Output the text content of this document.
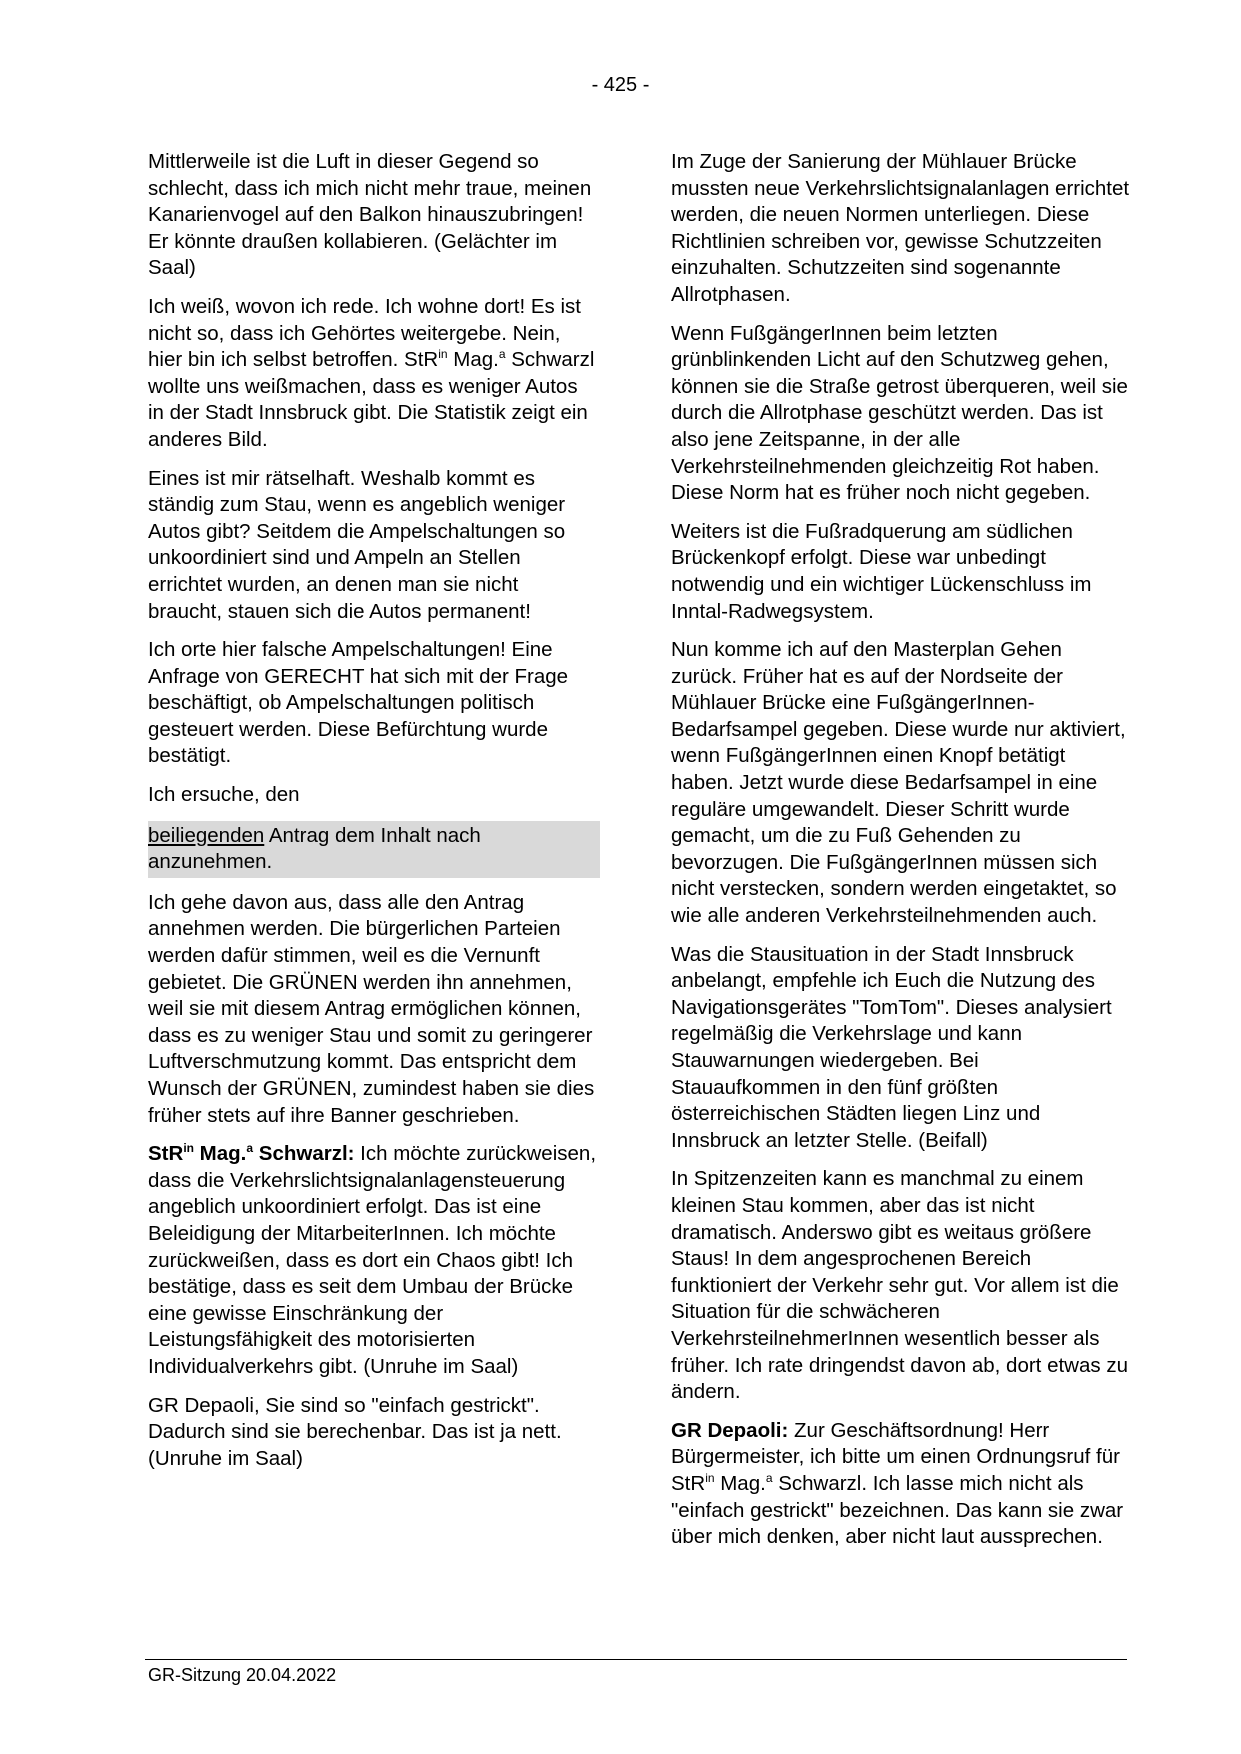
- 425 -

Mittlerweile ist die Luft in dieser Gegend so schlecht, dass ich mich nicht mehr traue, meinen Kanarienvogel auf den Balkon hinauszubringen! Er könnte draußen kollabieren. (Gelächter im Saal)

Ich weiß, wovon ich rede. Ich wohne dort! Es ist nicht so, dass ich Gehörtes weitergebe. Nein, hier bin ich selbst betroffen. StR$^{in}$ Mag.$^a$ Schwarzl wollte uns weißmachen, dass es weniger Autos in der Stadt Innsbruck gibt. Die Statistik zeigt ein anderes Bild.

Eines ist mir rätselhaft. Weshalb kommt es ständig zum Stau, wenn es angeblich weniger Autos gibt? Seitdem die Ampelschaltungen so unkoordiniert sind und Ampeln an Stellen errichtet wurden, an denen man sie nicht braucht, stauen sich die Autos permanent!

Ich orte hier falsche Ampelschaltungen! Eine Anfrage von GERECHT hat sich mit der Frage beschäftigt, ob Ampelschaltungen politisch gesteuert werden. Diese Befürchtung wurde bestätigt.

Ich ersuche, den

beiliegenden Antrag dem Inhalt nach anzunehmen.

Ich gehe davon aus, dass alle den Antrag annehmen werden. Die bürgerlichen Parteien werden dafür stimmen, weil es die Vernunft gebietet. Die GRÜNEN werden ihn annehmen, weil sie mit diesem Antrag ermöglichen können, dass es zu weniger Stau und somit zu geringerer Luftverschmutzung kommt. Das entspricht dem Wunsch der GRÜNEN, zumindest haben sie dies früher stets auf ihre Banner geschrieben.

StR$^{in}$ Mag.$^a$ Schwarzl: Ich möchte zurückweisen, dass die Verkehrslichtsignalanlagensteuerung angeblich unkoordiniert erfolgt. Das ist eine Beleidigung der MitarbeiterInnen. Ich möchte zurückweißen, dass es dort ein Chaos gibt! Ich bestätige, dass es seit dem Umbau der Brücke eine gewisse Einschränkung der Leistungsfähigkeit des motorisierten Individualverkehrs gibt. (Unruhe im Saal)

GR Depaoli, Sie sind so "einfach gestrickt". Dadurch sind sie berechenbar. Das ist ja nett. (Unruhe im Saal)

Im Zuge der Sanierung der Mühlauer Brücke mussten neue Verkehrslichtsignalanlagen errichtet werden, die neuen Normen unterliegen. Diese Richtlinien schreiben vor, gewisse Schutzzeiten einzuhalten. Schutzzeiten sind sogenannte Allrotphasen.

Wenn FußgängerInnen beim letzten grünblinkenden Licht auf den Schutzweg gehen, können sie die Straße getrost überqueren, weil sie durch die Allrotphase geschützt werden. Das ist also jene Zeitspanne, in der alle Verkehrsteilnehmenden gleichzeitig Rot haben. Diese Norm hat es früher noch nicht gegeben.

Weiters ist die Fußradquerung am südlichen Brückenkopf erfolgt. Diese war unbedingt notwendig und ein wichtiger Lückenschluss im Inntal-Radwegsystem.

Nun komme ich auf den Masterplan Gehen zurück. Früher hat es auf der Nordseite der Mühlauer Brücke eine FußgängerInnen-Bedarfsampel gegeben. Diese wurde nur aktiviert, wenn FußgängerInnen einen Knopf betätigt haben. Jetzt wurde diese Bedarfsampel in eine reguläre umgewandelt. Dieser Schritt wurde gemacht, um die zu Fuß Gehenden zu bevorzugen. Die FußgängerInnen müssen sich nicht verstecken, sondern werden eingetaktet, so wie alle anderen Verkehrsteilnehmenden auch.

Was die Stausituation in der Stadt Innsbruck anbelangt, empfehle ich Euch die Nutzung des Navigationsgerätes "TomTom". Dieses analysiert regelmäßig die Verkehrslage und kann Stauwarnungen wiedergeben. Bei Stauaufkommen in den fünf größten österreichischen Städten liegen Linz und Innsbruck an letzter Stelle. (Beifall)

In Spitzenzeiten kann es manchmal zu einem kleinen Stau kommen, aber das ist nicht dramatisch. Anderswo gibt es weitaus größere Staus! In dem angesprochenen Bereich funktioniert der Verkehr sehr gut. Vor allem ist die Situation für die schwächeren VerkehrsteilnehmerInnen wesentlich besser als früher. Ich rate dringendst davon ab, dort etwas zu ändern.

GR Depaoli: Zur Geschäftsordnung! Herr Bürgermeister, ich bitte um einen Ordnungsruf für StR$^{in}$ Mag.$^a$ Schwarzl. Ich lasse mich nicht als "einfach gestrickt" bezeichnen. Das kann sie zwar über mich denken, aber nicht laut aussprechen.

GR-Sitzung 20.04.2022
